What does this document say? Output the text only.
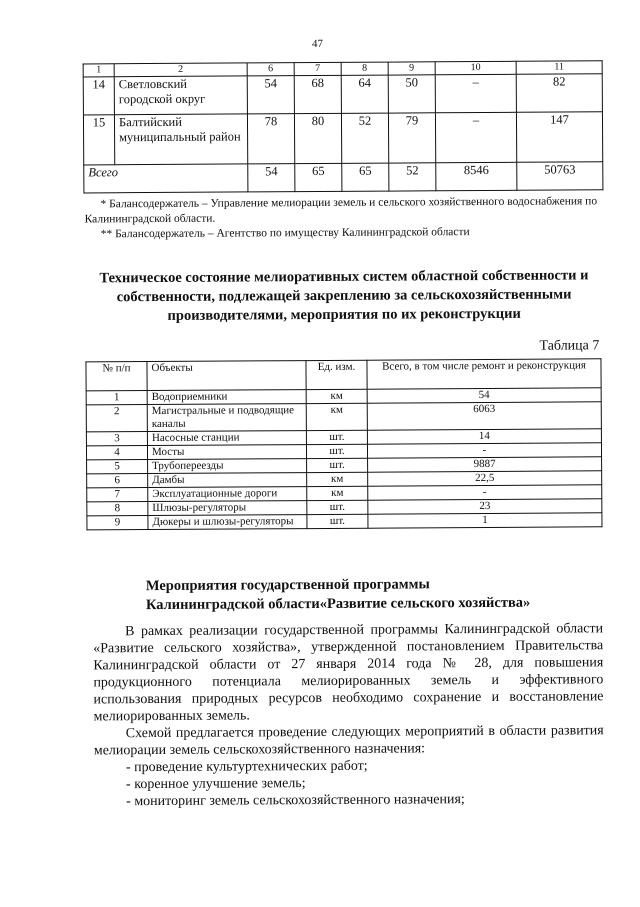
47
1	2	6	7	8	9	10	11
14	Светловский городской округ	54	68	64	50	–	82
15	Балтийский муниципальный район	78	80	52	79	–	147
Всего		54	65	65	52	8546	50763
* Балансодержатель – Управление мелиорации земель и сельского хозяйственного водоснабжения по Калининградской области.
** Балансодержатель – Агентство по имуществу Калининградской области
Техническое состояние мелиоративных систем областной собственности и собственности, подлежащей закреплению за сельскохозяйственными производителями, мероприятия по их реконструкции
Таблица 7
№ п/п	Объекты	Ед. изм.	Всего, в том числе ремонт и реконструкция
1	Водоприемники	км	54
2	Магистральные и подводящие каналы	км	6063
3	Насосные станции	шт.	14
4	Мосты	шт.	-
5	Трубопереезды	шт.	9887
6	Дамбы	км	22,5
7	Эксплуатационные дороги	км	-
8	Шлюзы-регуляторы	шт.	23
9	Дюкеры и шлюзы-регуляторы	шт.	1
Мероприятия государственной программы
Калининградской области«Развитие сельского хозяйства»

В рамках реализации государственной программы Калининградской области «Развитие сельского хозяйства», утвержденной постановлением Правительства Калининградской области от 27 января 2014 года № 28, для повышения продукционного потенциала мелиорированных земель и эффективного использования природных ресурсов необходимо сохранение и восстановление мелиорированных земель.

Схемой предлагается проведение следующих мероприятий в области развития мелиорации земель сельскохозяйственного назначения:

- проведение культуртехнических работ;
- коренное улучшение земель;
- мониторинг земель сельскохозяйственного назначения;
